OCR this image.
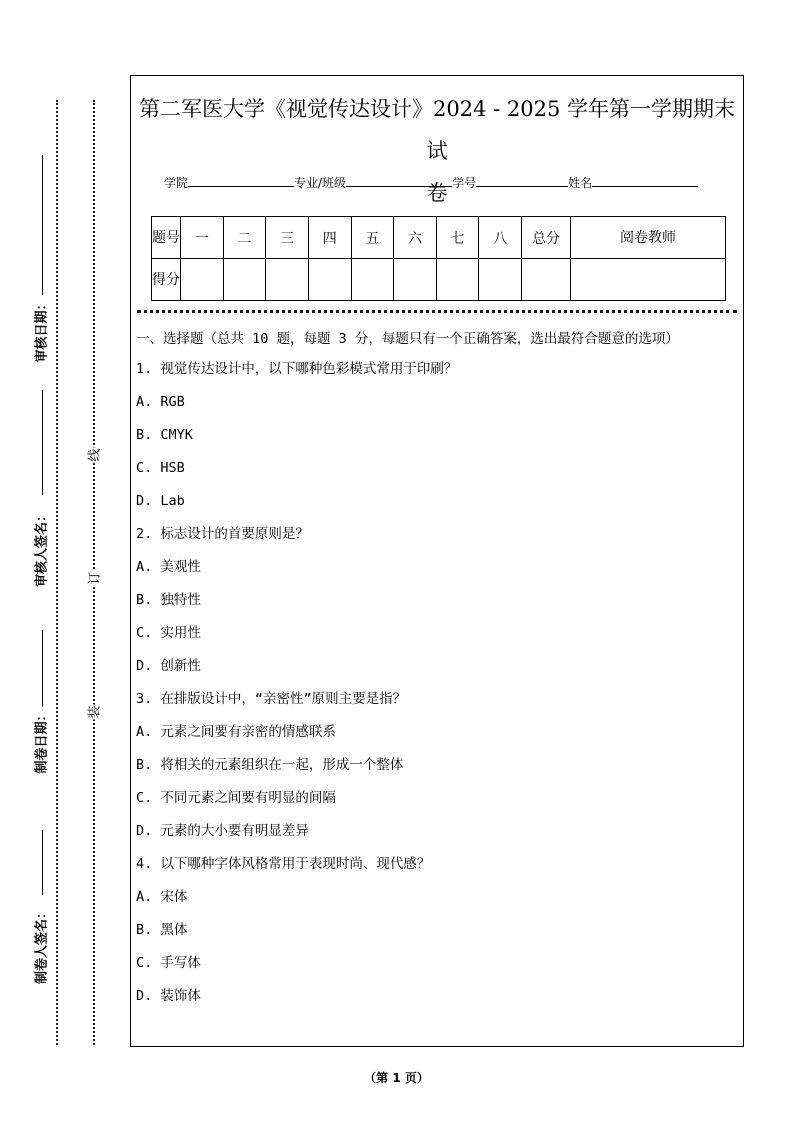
审核日期：
审核人签名：
制卷日期：
制卷人签名：
线
订
装
第二军医大学《视觉传达设计》2024 - 2025 学年第一学期期末试
卷
学院	专业/班级	学号	姓名
题号	一	二	三	四	五	六	七	八	总分	阅卷教师
得分										
一、选择题（总共 10 题，每题 3 分，每题只有一个正确答案，选出最符合题意的选项）
1. 视觉传达设计中，以下哪种色彩模式常用于印刷？
A. RGB
B. CMYK
C. HSB
D. Lab
2. 标志设计的首要原则是？
A. 美观性
B. 独特性
C. 实用性
D. 创新性
3. 在排版设计中，“亲密性”原则主要是指？
A. 元素之间要有亲密的情感联系
B. 将相关的元素组织在一起，形成一个整体
C. 不同元素之间要有明显的间隔
D. 元素的大小要有明显差异
4. 以下哪种字体风格常用于表现时尚、现代感？
A. 宋体
B. 黑体
C. 手写体
D. 装饰体
（第 1 页）
